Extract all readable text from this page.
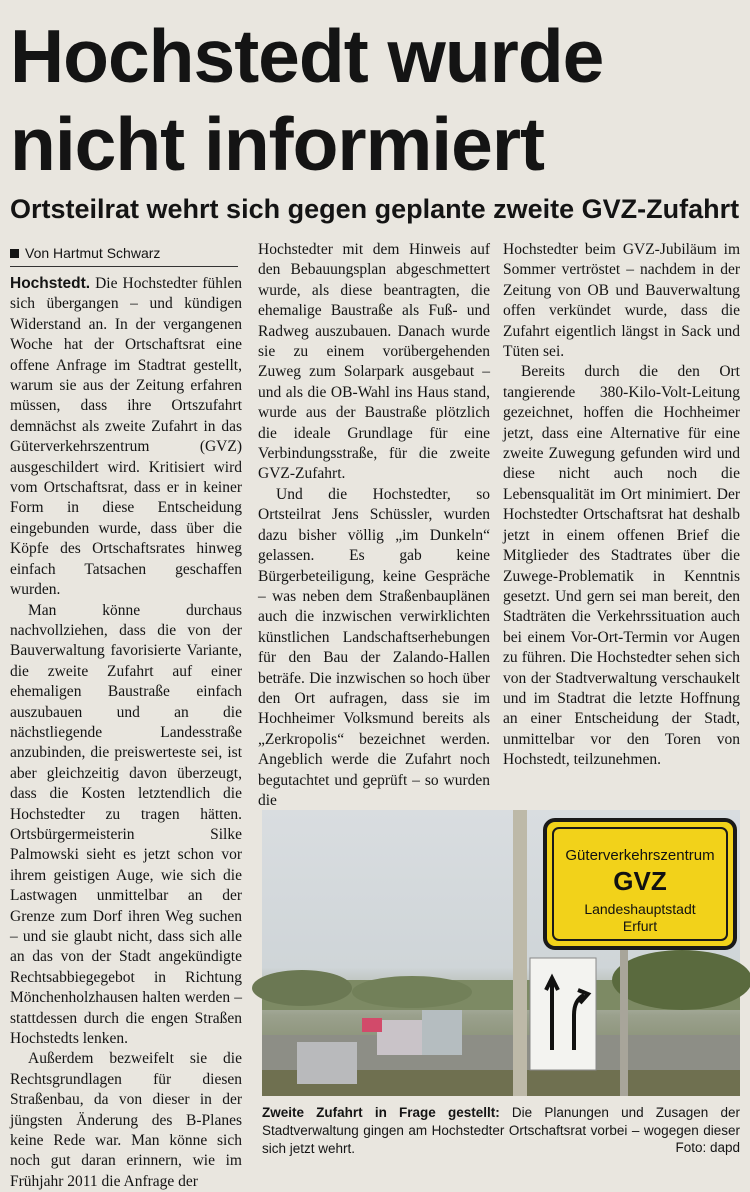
Hochstedt wurde nicht informiert
Ortsteilrat wehrt sich gegen geplante zweite GVZ-Zufahrt
Von Hartmut Schwarz

Hochstedt. Die Hochstedter fühlen sich übergangen – und kündigen Widerstand an. In der vergangenen Woche hat der Ortschaftsrat eine offene Anfrage im Stadtrat gestellt, warum sie aus der Zeitung erfahren müssen, dass ihre Ortszufahrt demnächst als zweite Zufahrt in das Güterverkehrszentrum (GVZ) ausgeschildert wird. Kritisiert wird vom Ortschaftsrat, dass er in keiner Form in diese Entscheidung eingebunden wurde, dass über die Köpfe des Ortschaftsrates hinweg einfach Tatsachen geschaffen wurden.

Man könne durchaus nachvollziehen, dass die von der Bauverwaltung favorisierte Variante, die zweite Zufahrt auf einer ehemaligen Baustraße einfach auszubauen und an die nächstliegende Landesstraße anzubinden, die preiswerteste sei, ist aber gleichzeitig davon überzeugt, dass die Kosten letztendlich die Hochstedter zu tragen hätten. Ortsbürgermeisterin Silke Palmowski sieht es jetzt schon vor ihrem geistigen Auge, wie sich die Lastwagen unmittelbar an der Grenze zum Dorf ihren Weg suchen – und sie glaubt nicht, dass sich alle an das von der Stadt angekündigte Rechtsabbiegegebot in Richtung Mönchenholzhausen halten werden – stattdessen durch die engen Straßen Hochstedts lenken.

Außerdem bezweifelt sie die Rechtsgrundlagen für diesen Straßenbau, da von dieser in der jüngsten Änderung des B-Planes keine Rede war. Man könne sich noch gut daran erinnern, wie im Frühjahr 2011 die Anfrage der

Hochstedter mit dem Hinweis auf den Bebauungsplan abgeschmettert wurde, als diese beantragten, die ehemalige Baustraße als Fuß- und Radweg auszubauen. Danach wurde sie zu einem vorübergehenden Zuweg zum Solarpark ausgebaut – und als die OB-Wahl ins Haus stand, wurde aus der Baustraße plötzlich die ideale Grundlage für eine Verbindungsstraße, für die zweite GVZ-Zufahrt.

Und die Hochstedter, so Ortsteilrat Jens Schüssler, wurden dazu bisher völlig „im Dunkeln“ gelassen. Es gab keine Bürgerbeteiligung, keine Gespräche – was neben dem Straßenbauplänen auch die inzwischen verwirklichten künstlichen Landschaftserhebungen für den Bau der Zalando-Hallen beträfe. Die inzwischen so hoch über den Ort aufragen, dass sie im Hochheimer Volksmund bereits als „Zerkropolis“ bezeichnet werden. Angeblich werde die Zufahrt noch begutachtet und geprüft – so wurden die

Hochstedter beim GVZ-Jubiläum im Sommer vertröstet – nachdem in der Zeitung von OB und Bauverwaltung offen verkündet wurde, dass die Zufahrt eigentlich längst in Sack und Tüten sei.

Bereits durch die den Ort tangierende 380-Kilo-Volt-Leitung gezeichnet, hoffen die Hochheimer jetzt, dass eine Alternative für eine zweite Zuwegung gefunden wird und diese nicht auch noch die Lebensqualität im Ort minimiert. Der Hochstedter Ortschaftsrat hat deshalb jetzt in einem offenen Brief die Mitglieder des Stadtrates über die Zuwege-Problematik in Kenntnis gesetzt. Und gern sei man bereit, den Stadträten die Verkehrssituation auch bei einem Vor-Ort-Termin vor Augen zu führen. Die Hochstedter sehen sich von der Stadtverwaltung verschaukelt und im Stadtrat die letzte Hoffnung an einer Entscheidung der Stadt, unmittelbar vor den Toren von Hochstedt, teilzunehmen.

Güterverkehrszentrum
GVZ
Landeshauptstadt
Erfurt
Zweite Zufahrt in Frage gestellt: Die Planungen und Zusagen der Stadtverwaltung gingen am Hochstedter Ortschaftsrat vorbei – wogegen dieser sich jetzt wehrt.	Foto: dapd
